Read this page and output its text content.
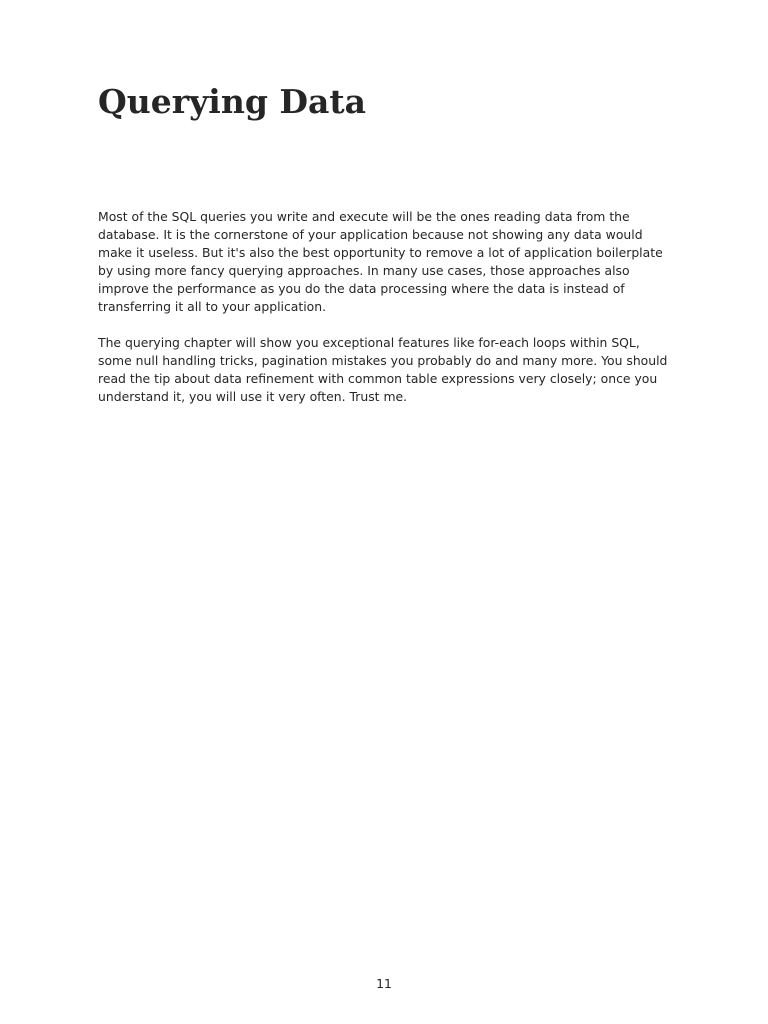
Querying Data

Most of the SQL queries you write and execute will be the ones reading data from the
database. It is the cornerstone of your application because not showing any data would
make it useless. But it's also the best opportunity to remove a lot of application boilerplate
by using more fancy querying approaches. In many use cases, those approaches also
improve the performance as you do the data processing where the data is instead of
transferring it all to your application.

The querying chapter will show you exceptional features like for-each loops within SQL,
some null handling tricks, pagination mistakes you probably do and many more. You should
read the tip about data refinement with common table expressions very closely; once you
understand it, you will use it very often. Trust me.

11
